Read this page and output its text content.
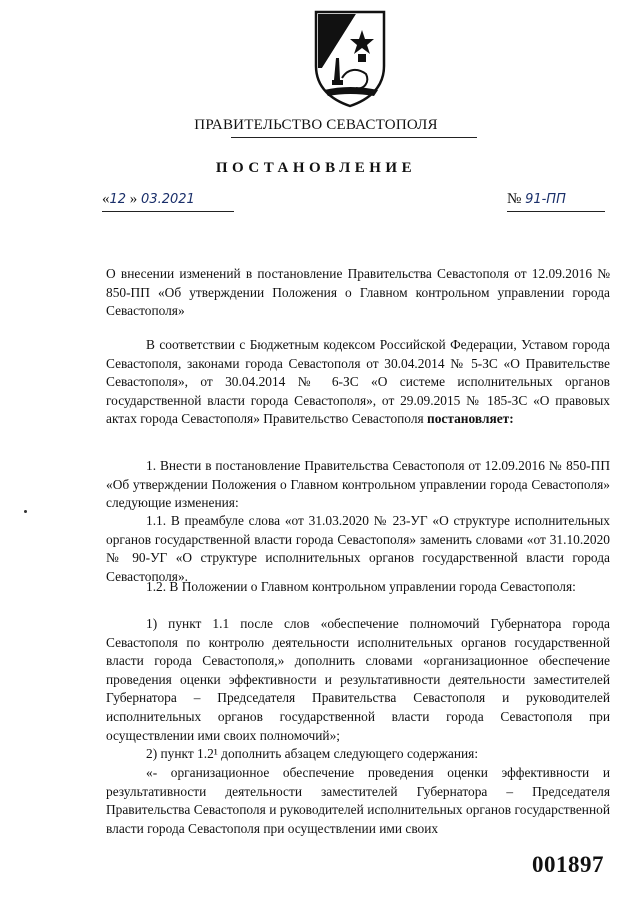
ПРАВИТЕЛЬСТВО СЕВАСТОПОЛЯ
ПОСТАНОВЛЕНИЕ
«12 » 03.2021	№ 91-ПП

О внесении изменений в постановление Правительства Севастополя от 12.09.2016 № 850-ПП «Об утверждении Положения о Главном контрольном управлении города Севастополя»

В соответствии с Бюджетным кодексом Российской Федерации, Уставом города Севастополя, законами города Севастополя от 30.04.2014 № 5-ЗС «О Правительстве Севастополя», от 30.04.2014 № 6-ЗС «О системе исполнительных органов государственной власти города Севастополя», от 29.09.2015 № 185-ЗС «О правовых актах города Севастополя» Правительство Севастополя постановляет:

1. Внести в постановление Правительства Севастополя от 12.09.2016 № 850-ПП «Об утверждении Положения о Главном контрольном управлении города Севастополя» следующие изменения:

1.1. В преамбуле слова «от 31.03.2020 № 23-УГ «О структуре исполнительных органов государственной власти города Севастополя» заменить словами «от 31.10.2020 № 90-УГ «О структуре исполнительных органов государственной власти города Севастополя».

1.2. В Положении о Главном контрольном управлении города Севастополя:

1) пункт 1.1 после слов «обеспечение полномочий Губернатора города Севастополя по контролю деятельности исполнительных органов государственной власти города Севастополя,» дополнить словами «организационное обеспечение проведения оценки эффективности и результативности деятельности заместителей Губернатора – Председателя Правительства Севастополя и руководителей исполнительных органов государственной власти города Севастополя при осуществлении ими своих полномочий»;

2) пункт 1.2¹ дополнить абзацем следующего содержания:

«- организационное обеспечение проведения оценки эффективности и результативности деятельности заместителей Губернатора – Председателя Правительства Севастополя и руководителей исполнительных органов государственной власти города Севастополя при осуществлении ими своих

001897
